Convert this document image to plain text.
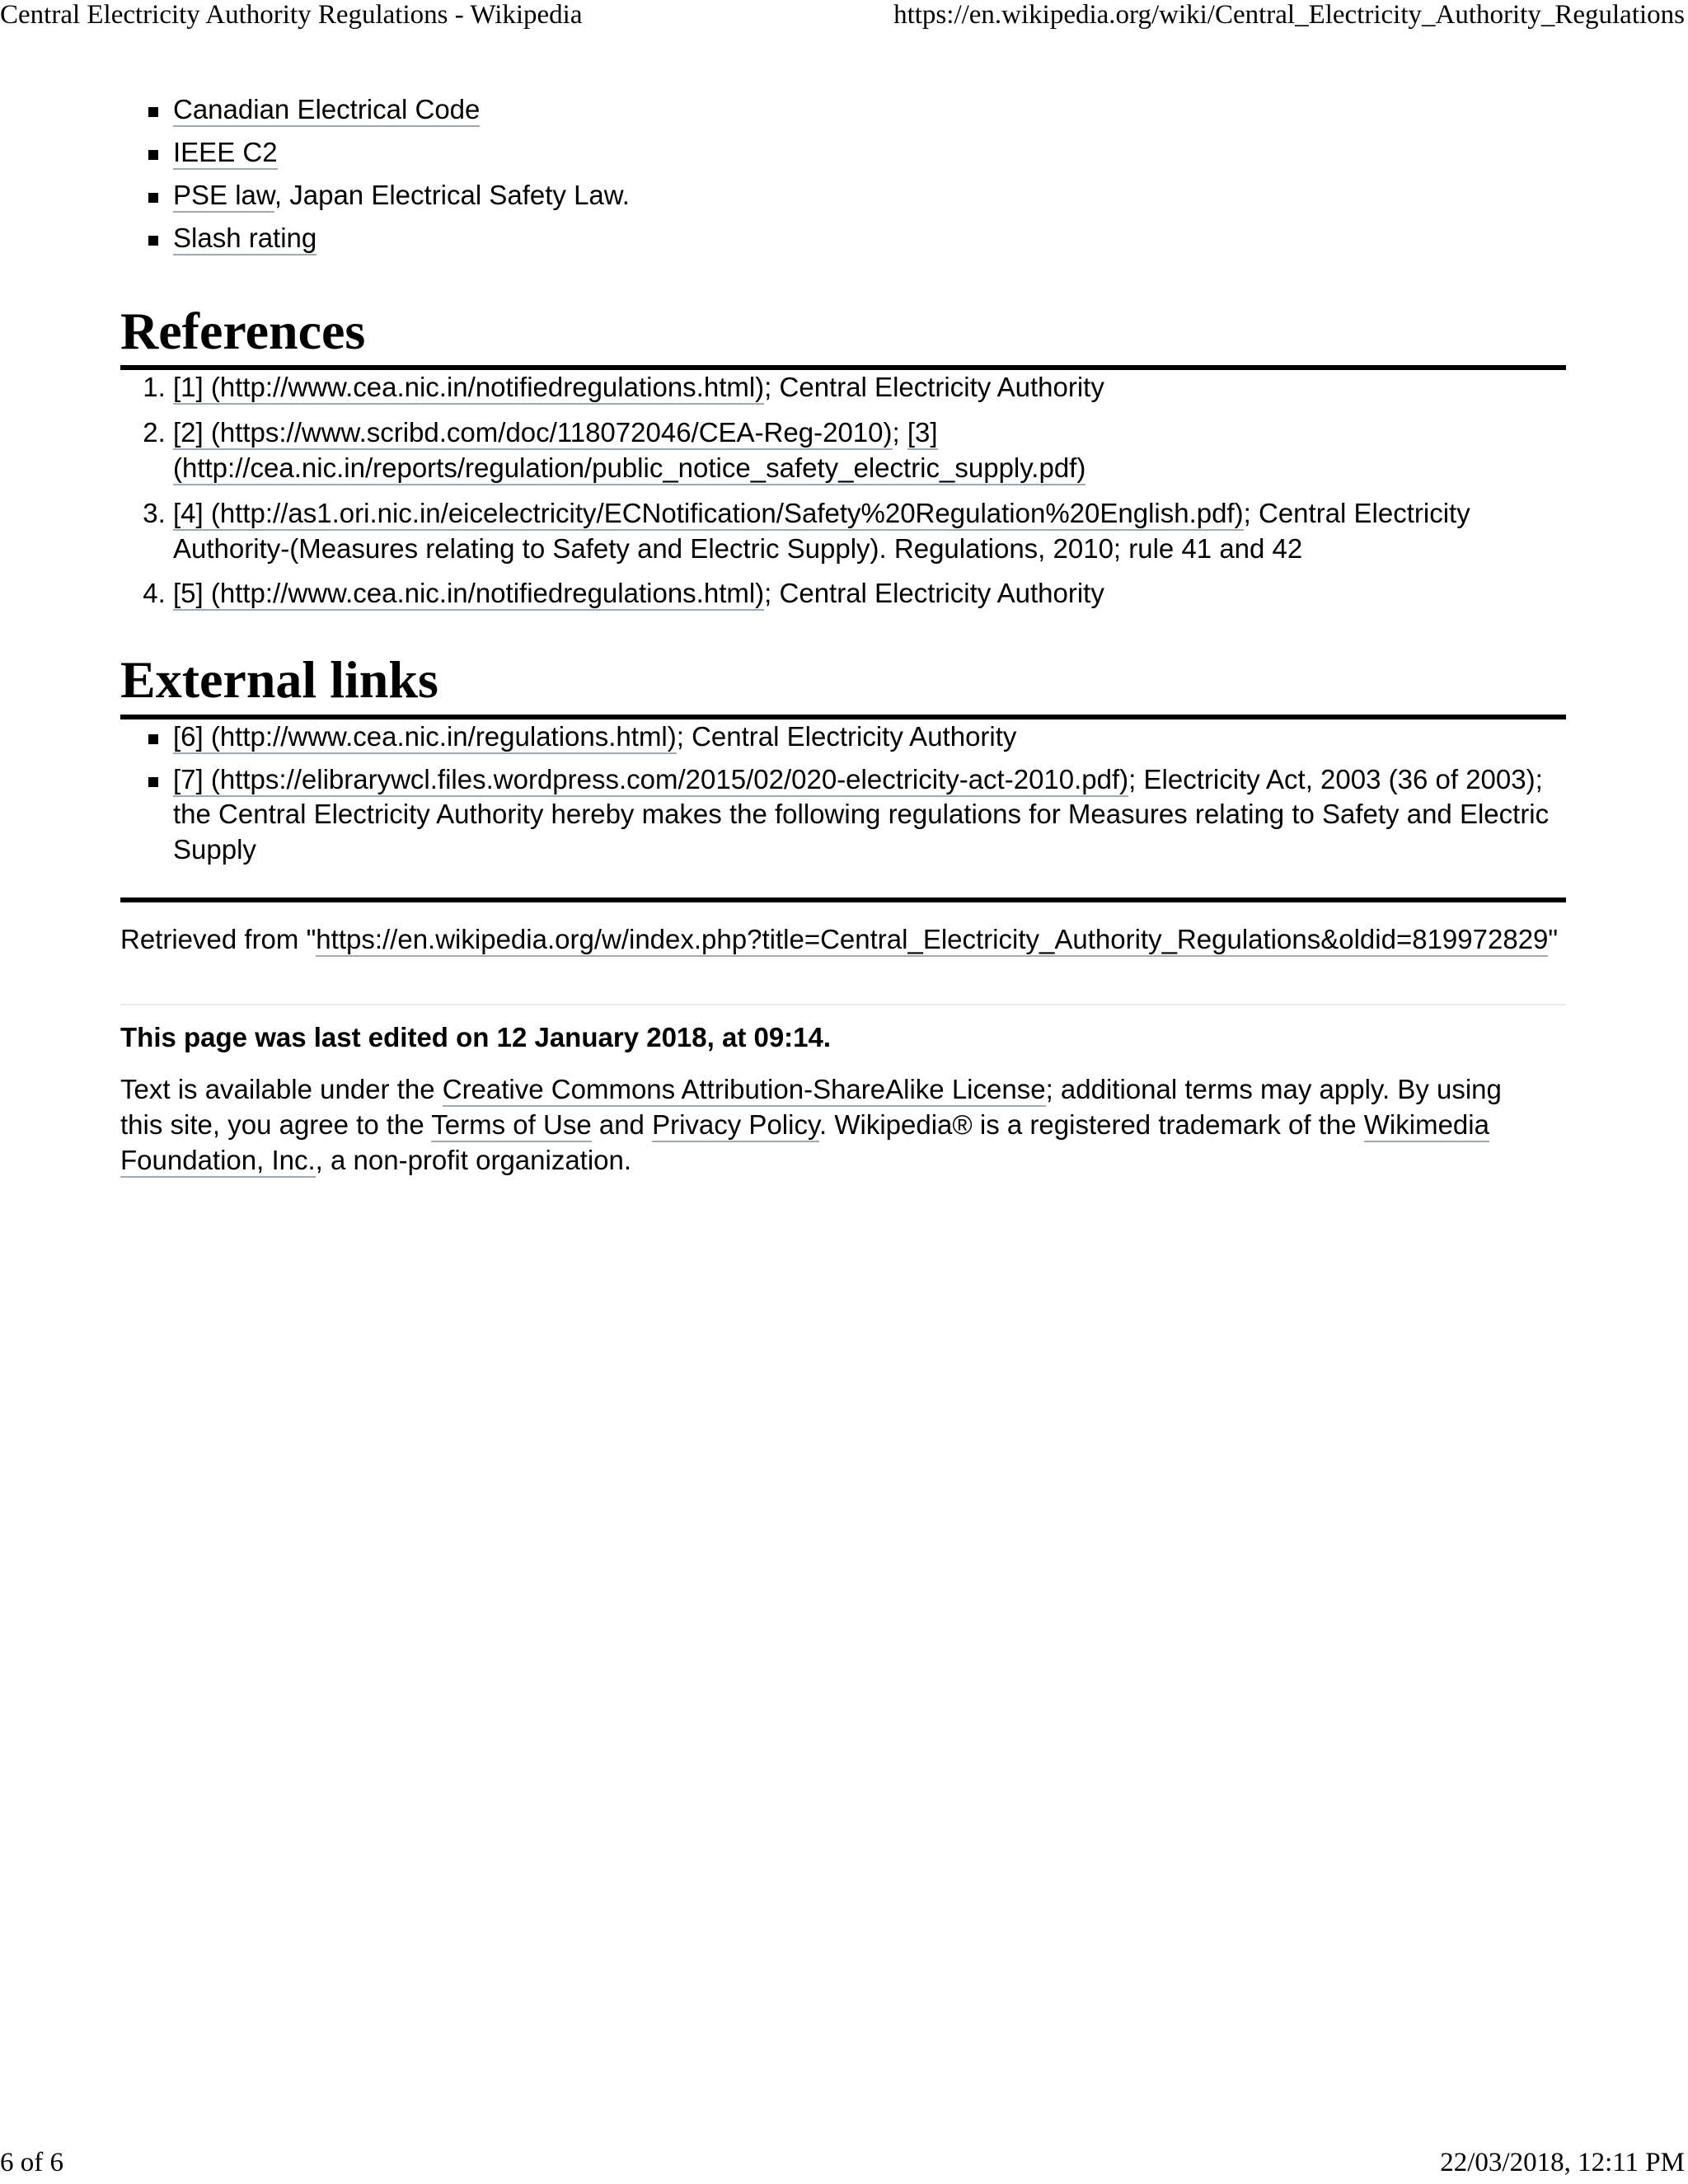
Central Electricity Authority Regulations - Wikipedia	https://en.wikipedia.org/wiki/Central_Electricity_Authority_Regulations
Canadian Electrical Code
IEEE C2
PSE law, Japan Electrical Safety Law.
Slash rating
References
1. [1] (http://www.cea.nic.in/notifiedregulations.html); Central Electricity Authority
2. [2] (https://www.scribd.com/doc/118072046/CEA-Reg-2010); [3] (http://cea.nic.in/reports/regulation/public_notice_safety_electric_supply.pdf)
3. [4] (http://as1.ori.nic.in/eicelectricity/ECNotification/Safety%20Regulation%20English.pdf); Central Electricity Authority-(Measures relating to Safety and Electric Supply). Regulations, 2010; rule 41 and 42
4. [5] (http://www.cea.nic.in/notifiedregulations.html); Central Electricity Authority
External links
[6] (http://www.cea.nic.in/regulations.html); Central Electricity Authority
[7] (https://elibrarywcl.files.wordpress.com/2015/02/020-electricity-act-2010.pdf); Electricity Act, 2003 (36 of 2003); the Central Electricity Authority hereby makes the following regulations for Measures relating to Safety and Electric Supply
Retrieved from "https://en.wikipedia.org/w/index.php?title=Central_Electricity_Authority_Regulations&oldid=819972829"
This page was last edited on 12 January 2018, at 09:14.
Text is available under the Creative Commons Attribution-ShareAlike License; additional terms may apply. By using this site, you agree to the Terms of Use and Privacy Policy. Wikipedia® is a registered trademark of the Wikimedia Foundation, Inc., a non-profit organization.
6 of 6	22/03/2018, 12:11 PM
